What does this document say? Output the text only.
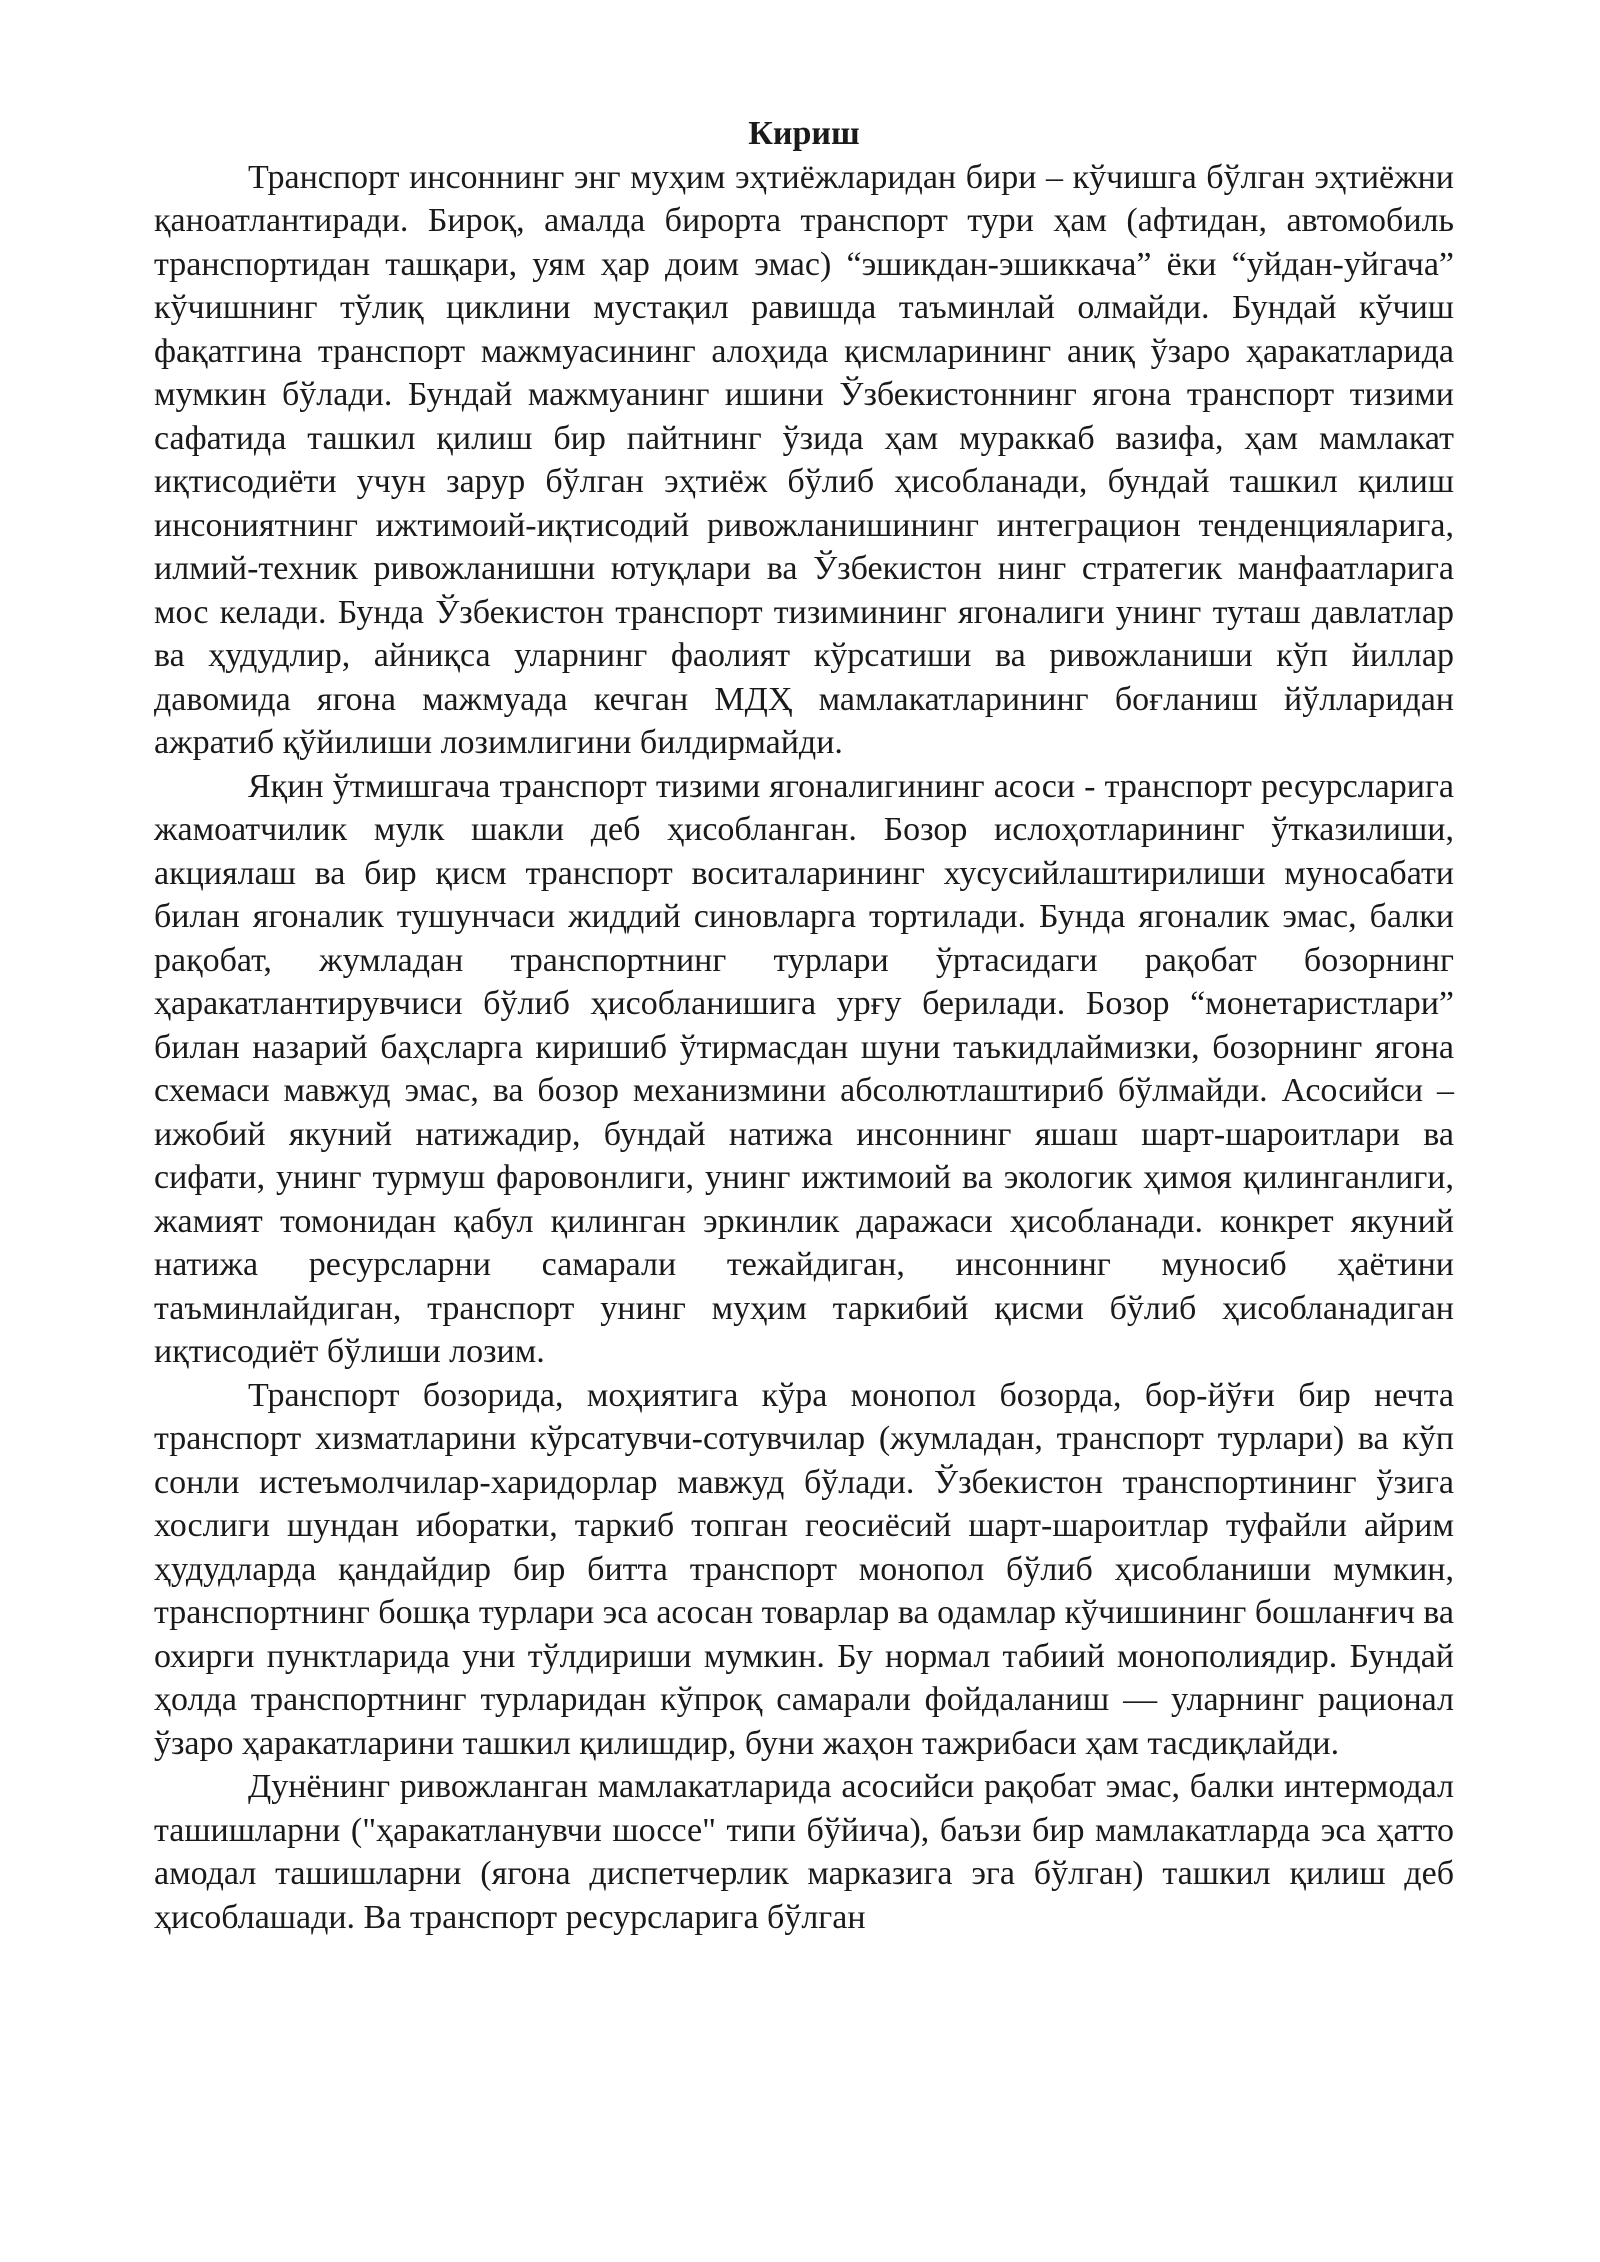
Кириш

Транспорт инсоннинг энг муҳим эҳтиёжларидан бири – кўчишга бўлган эҳтиёжни қаноатлантиради. Бироқ, амалда бирорта транспорт тури ҳам (афтидан, автомобиль транспортидан ташқари, уям ҳар доим эмас) “эшикдан-эшиккача” ёки “уйдан-уйгача” кўчишнинг тўлиқ циклини мустақил равишда таъминлай олмайди. Бундай кўчиш фақатгина транспорт мажмуасининг алоҳида қисмларининг аниқ ўзаро ҳаракатларида мумкин бўлади. Бундай мажмуанинг ишини Ўзбекистоннинг ягона транспорт тизими сафатида ташкил қилиш бир пайтнинг ўзида ҳам мураккаб вазифа, ҳам мамлакат иқтисодиёти учун зарур бўлган эҳтиёж бўлиб ҳисобланади, бундай ташкил қилиш инсониятнинг ижтимоий-иқтисодий ривожланишининг интеграцион тенденцияларига, илмий-техник ривожланишни ютуқлари ва Ўзбекистон нинг стратегик манфаатларига мос келади. Бунда Ўзбекистон транспорт тизимининг ягоналиги унинг туташ давлатлар ва ҳудудлир, айниқса уларнинг фаолият кўрсатиши ва ривожланиши кўп йиллар давомида ягона мажмуада кечган МДҲ мамлакатларининг боғланиш йўлларидан ажратиб қўйилиши лозимлигини билдирмайди.

Яқин ўтмишгача транспорт тизими ягоналигининг асоси - транспорт ресурсларига жамоатчилик мулк шакли деб ҳисобланган. Бозор ислоҳотларининг ўтказилиши, акциялаш ва бир қисм транспорт воситаларининг хусусийлаштирилиши муносабати билан ягоналик тушунчаси жиддий синовларга тортилади. Бунда ягоналик эмас, балки рақобат, жумладан транспортнинг турлари ўртасидаги рақобат бозорнинг ҳаракатлантирувчиси бўлиб ҳисобланишига урғу берилади. Бозор “монетаристлари” билан назарий баҳсларга киришиб ўтирмасдан шуни таъкидлаймизки, бозорнинг ягона схемаси мавжуд эмас, ва бозор механизмини абсолютлаштириб бўлмайди. Асосийси – ижобий якуний натижадир, бундай натижа инсоннинг яшаш шарт-шароитлари ва сифати, унинг турмуш фаровонлиги, унинг ижтимоий ва экологик ҳимоя қилинганлиги, жамият томонидан қабул қилинган эркинлик даражаси ҳисобланади. конкрет якуний натижа ресурсларни самарали тежайдиган, инсоннинг муносиб ҳаётини таъминлайдиган, транспорт унинг муҳим таркибий қисми бўлиб ҳисобланадиган иқтисодиёт бўлиши лозим.

Транспорт бозорида, моҳиятига кўра монопол бозорда, бор-йўғи бир нечта транспорт хизматларини кўрсатувчи-сотувчилар (жумладан, транспорт турлари) ва кўп сонли истеъмолчилар-харидорлар мавжуд бўлади. Ўзбекистон транспортининг ўзига хослиги шундан иборатки, таркиб топган геосиёсий шарт-шароитлар туфайли айрим ҳудудларда қандайдир бир битта транспорт монопол бўлиб ҳисобланиши мумкин, транспортнинг бошқа турлари эса асосан товарлар ва одамлар кўчишининг бошланғич ва охирги пунктларида уни тўлдириши мумкин. Бу нормал табиий монополиядир. Бундай ҳолда транспортнинг турларидан кўпроқ самарали фойдаланиш — уларнинг рационал ўзаро ҳаракатларини ташкил қилишдир, буни жаҳон тажрибаси ҳам тасдиқлайди.

Дунёнинг ривожланган мамлакатларида асосийси рақобат эмас, балки интермодал ташишларни ("ҳаракатланувчи шоссе" типи бўйича), баъзи бир мамлакатларда эса ҳатто амодал ташишларни (ягона диспетчерлик марказига эга бўлган) ташкил қилиш деб ҳисоблашади. Ва транспорт ресурсларига бўлган
